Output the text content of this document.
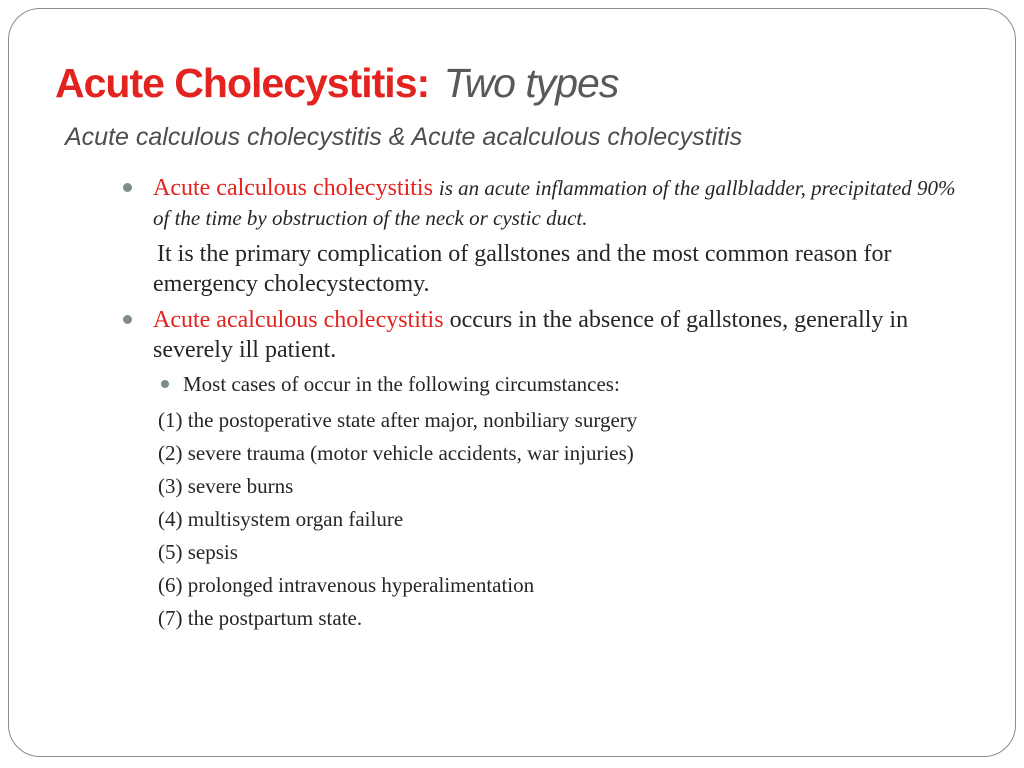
Acute Cholecystitis: Two types
Acute calculous cholecystitis & Acute acalculous cholecystitis
Acute calculous cholecystitis is an acute inflammation of the gallbladder, precipitated 90% of the time by obstruction of the neck or cystic duct.
It is the primary complication of gallstones and the most common reason for emergency cholecystectomy.
Acute acalculous cholecystitis occurs in the absence of gallstones, generally in severely ill patient.
Most cases of occur in the following circumstances:
(1) the postoperative state after major, nonbiliary surgery
(2) severe trauma (motor vehicle accidents, war injuries)
(3) severe burns
(4) multisystem organ failure
(5) sepsis
(6) prolonged intravenous hyperalimentation
(7) the postpartum state.
